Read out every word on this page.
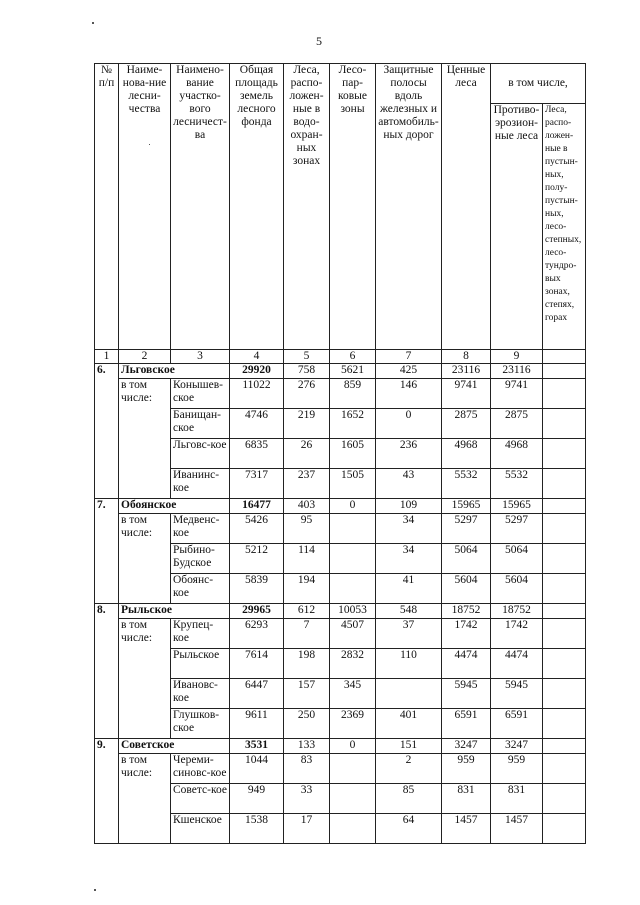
5
№ п/п	Наиме-нова-ние лесни-чества	Наимено-вание участко-вого лесничест-ва	Общая площадь земель лесного фонда	Леса, распо-ложен-ные в водо-охран-ных зонах	Лесо-пар-ковые зоны	Защитные полосы вдоль железных и автомобиль-ных дорог	Ценные леса	в том числе,	
								Противо-эрозион-ные леса	Леса, распо-ложен-ные в пустын-ных, полу-пустын-ных, лесо-степных, лесо-тундро-вых зонах, степях, горах
1	2	3	4	5	6	7	8	9	
6.	Льговское		29920	758	5621	425	23116	23116	
	в том числе:	Конышев-ское	11022	276	859	146	9741	9741	
		Банищан-ское	4746	219	1652	0	2875	2875	
		Льговс-кое	6835	26	1605	236	4968	4968	
		Иванинс-кое	7317	237	1505	43	5532	5532	
7.	Обоянское		16477	403	0	109	15965	15965	
	в том числе:	Медвенс-кое	5426	95		34	5297	5297	
		Рыбино-Будское	5212	114		34	5064	5064	
		Обоянс-кое	5839	194		41	5604	5604	
8.	Рыльское		29965	612	10053	548	18752	18752	
	в том числе:	Крупец-кое	6293	7	4507	37	1742	1742	
		Рыльское	7614	198	2832	110	4474	4474	
		Ивановс-кое	6447	157	345		5945	5945	
		Глушков-ское	9611	250	2369	401	6591	6591	
9.	Советское		3531	133	0	151	3247	3247	
	в том числе:	Череми-синовс-кое	1044	83		2	959	959	
		Советс-кое	949	33		85	831	831	
		Кшенское	1538	17		64	1457	1457	
